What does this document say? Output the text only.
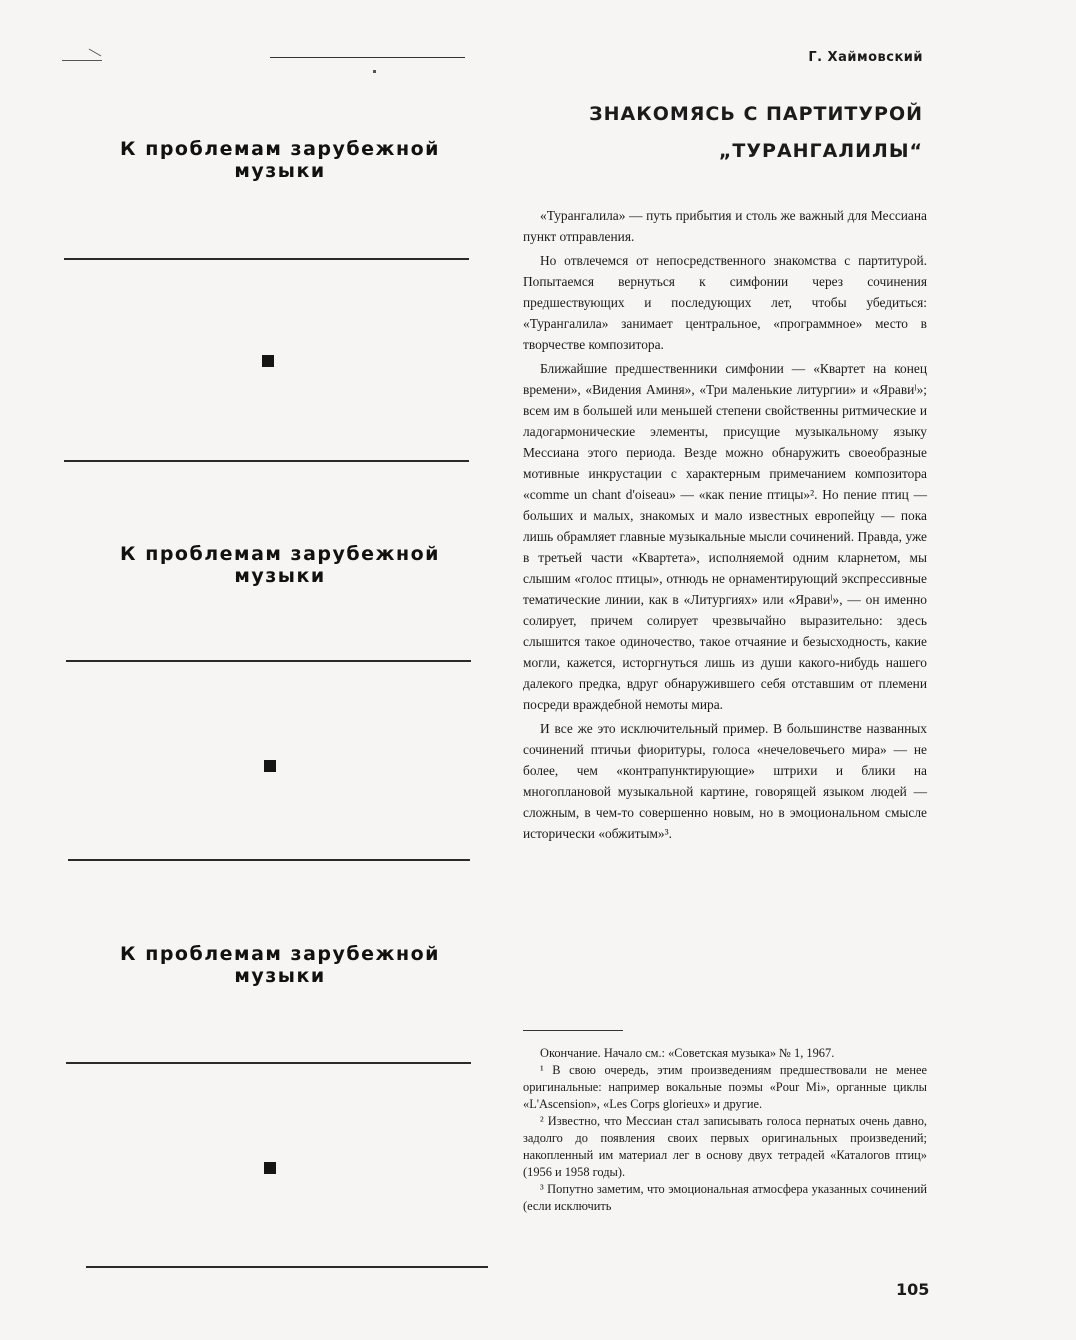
К проблемам зарубежной
музыки
К проблемам зарубежной
музыки
К проблемам зарубежной
музыки
Г. Хаймовский
ЗНАКОМЯСЬ С ПАРТИТУРОЙ
„ТУРАНГАЛИЛЫ“

«Турангалила» — путь прибытия и столь же важный для Мессиана пункт отправления.

Но отвлечемся от непосредственного знакомства с партитурой. Попытаемся вернуться к симфонии через сочинения предшествующих и последующих лет, чтобы убедиться: «Турангалила» занимает центральное, «программное» место в творчестве композитора.

Ближайшие предшественники симфонии — «Квартет на конец времени», «Видения Аминя», «Три маленькие литургии» и «Яравиˡ»; всем им в большей или меньшей степени свойственны ритмические и ладогармонические элементы, присущие музыкальному языку Мессиана этого периода. Везде можно обнаружить своеобразные мотивные инкрустации с характерным примечанием композитора «comme un chant d'oiseau» — «как пение птицы»². Но пение птиц — больших и малых, знакомых и мало известных европейцу — пока лишь обрамляет главные музыкальные мысли сочинений. Правда, уже в третьей части «Квартета», исполняемой одним кларнетом, мы слышим «голос птицы», отнюдь не орнаментирующий экспрессивные тематические линии, как в «Литургиях» или «Яравиˡ», — он именно солирует, причем солирует чрезвычайно выразительно: здесь слышится такое одиночество, такое отчаяние и безысходность, какие могли, кажется, исторгнуться лишь из души какого-нибудь нашего далекого предка, вдруг обнаружившего себя отставшим от племени посреди враждебной немоты мира.

И все же это исключительный пример. В большинстве названных сочинений птичьи фиоритуры, голоса «нечеловечьего мира» — не более, чем «контрапунктирующие» штрихи и блики на многоплановой музыкальной картине, говорящей языком людей — сложным, в чем-то совершенно новым, но в эмоциональном смысле исторически «обжитым»³.

Окончание. Начало см.: «Советская музыка» № 1, 1967.

¹ В свою очередь, этим произведениям предшествовали не менее оригинальные: например вокальные поэмы «Pour Mi», органные циклы «L'Ascension», «Les Corps glorieux» и другие.

² Известно, что Мессиан стал записывать голоса пернатых очень давно, задолго до появления своих первых оригинальных произведений; накопленный им материал лег в основу двух тетрадей «Каталогов птиц» (1956 и 1958 годы).

³ Попутно заметим, что эмоциональная атмосфера указанных сочинений (если исключить

105
